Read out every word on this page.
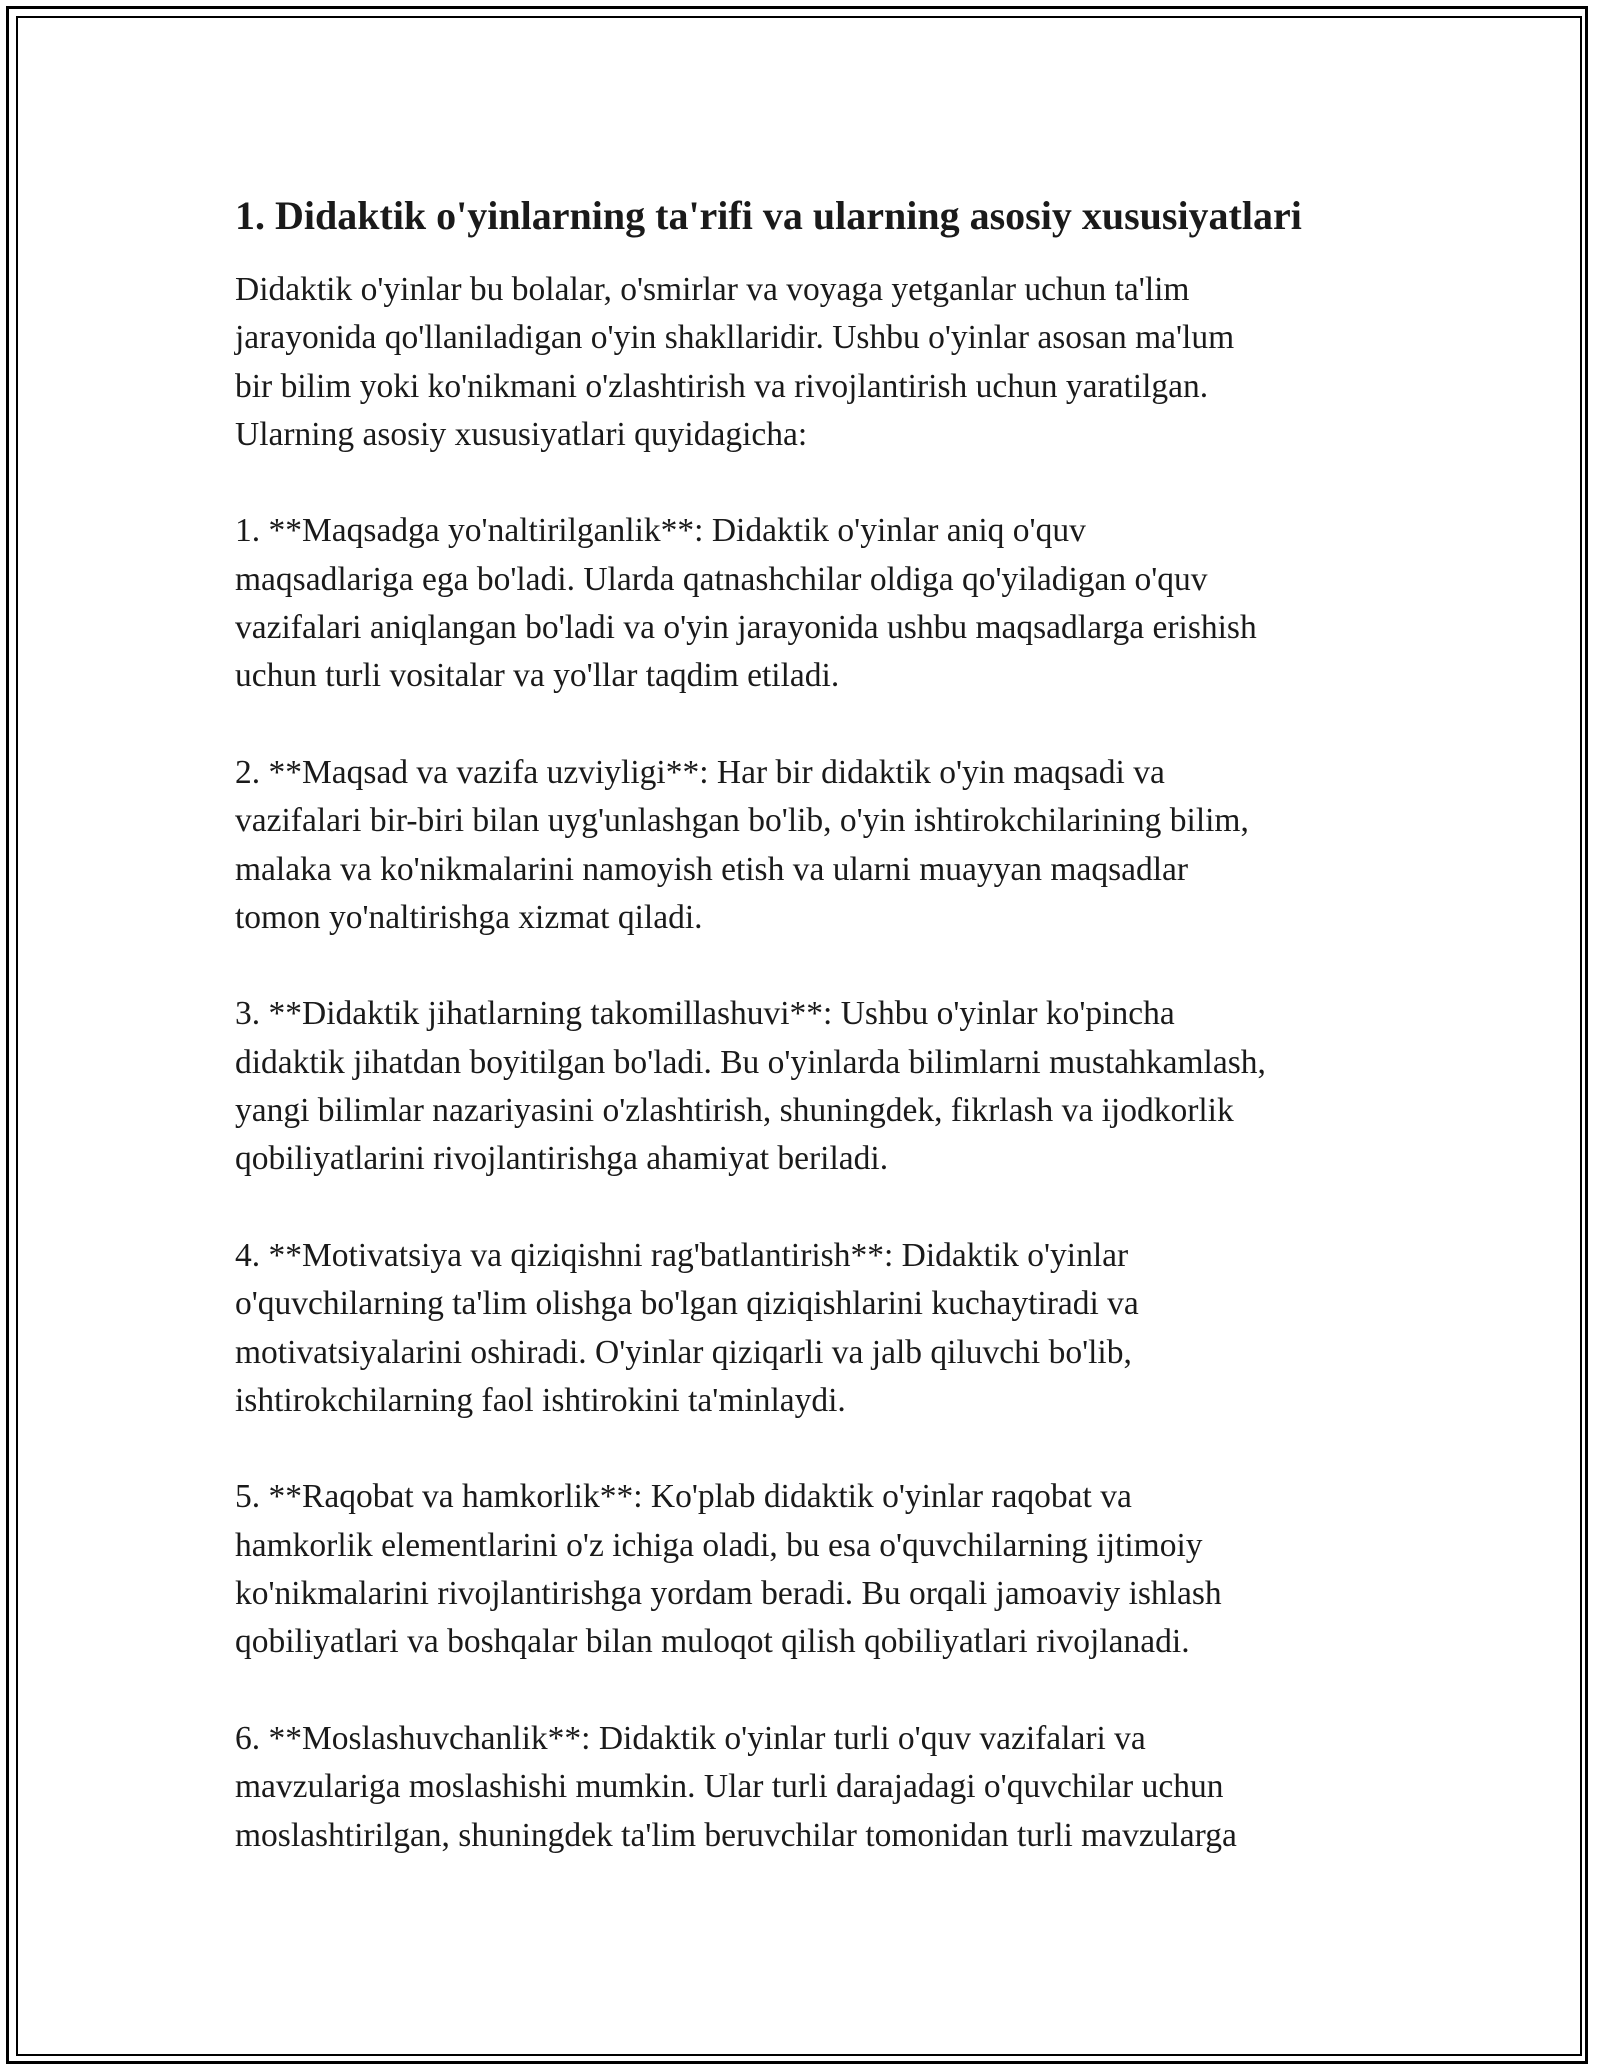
1. Didaktik o'yinlarning ta'rifi va ularning asosiy xususiyatlari

Didaktik o'yinlar bu bolalar, o'smirlar va voyaga yetganlar uchun ta'lim
jarayonida qo'llaniladigan o'yin shakllaridir. Ushbu o'yinlar asosan ma'lum
bir bilim yoki ko'nikmani o'zlashtirish va rivojlantirish uchun yaratilgan.
Ularning asosiy xususiyatlari quyidagicha:

1. **Maqsadga yo'naltirilganlik**: Didaktik o'yinlar aniq o'quv
maqsadlariga ega bo'ladi. Ularda qatnashchilar oldiga qo'yiladigan o'quv
vazifalari aniqlangan bo'ladi va o'yin jarayonida ushbu maqsadlarga erishish
uchun turli vositalar va yo'llar taqdim etiladi.

2. **Maqsad va vazifa uzviyligi**: Har bir didaktik o'yin maqsadi va
vazifalari bir-biri bilan uyg'unlashgan bo'lib, o'yin ishtirokchilarining bilim,
malaka va ko'nikmalarini namoyish etish va ularni muayyan maqsadlar
tomon yo'naltirishga xizmat qiladi.

3. **Didaktik jihatlarning takomillashuvi**: Ushbu o'yinlar ko'pincha
didaktik jihatdan boyitilgan bo'ladi. Bu o'yinlarda bilimlarni mustahkamlash,
yangi bilimlar nazariyasini o'zlashtirish, shuningdek, fikrlash va ijodkorlik
qobiliyatlarini rivojlantirishga ahamiyat beriladi.

4. **Motivatsiya va qiziqishni rag'batlantirish**: Didaktik o'yinlar
o'quvchilarning ta'lim olishga bo'lgan qiziqishlarini kuchaytiradi va
motivatsiyalarini oshiradi. O'yinlar qiziqarli va jalb qiluvchi bo'lib,
ishtirokchilarning faol ishtirokini ta'minlaydi.

5. **Raqobat va hamkorlik**: Ko'plab didaktik o'yinlar raqobat va
hamkorlik elementlarini o'z ichiga oladi, bu esa o'quvchilarning ijtimoiy
ko'nikmalarini rivojlantirishga yordam beradi. Bu orqali jamoaviy ishlash
qobiliyatlari va boshqalar bilan muloqot qilish qobiliyatlari rivojlanadi.

6. **Moslashuvchanlik**: Didaktik o'yinlar turli o'quv vazifalari va
mavzulariga moslashishi mumkin. Ular turli darajadagi o'quvchilar uchun
moslashtirilgan, shuningdek ta'lim beruvchilar tomonidan turli mavzularga
